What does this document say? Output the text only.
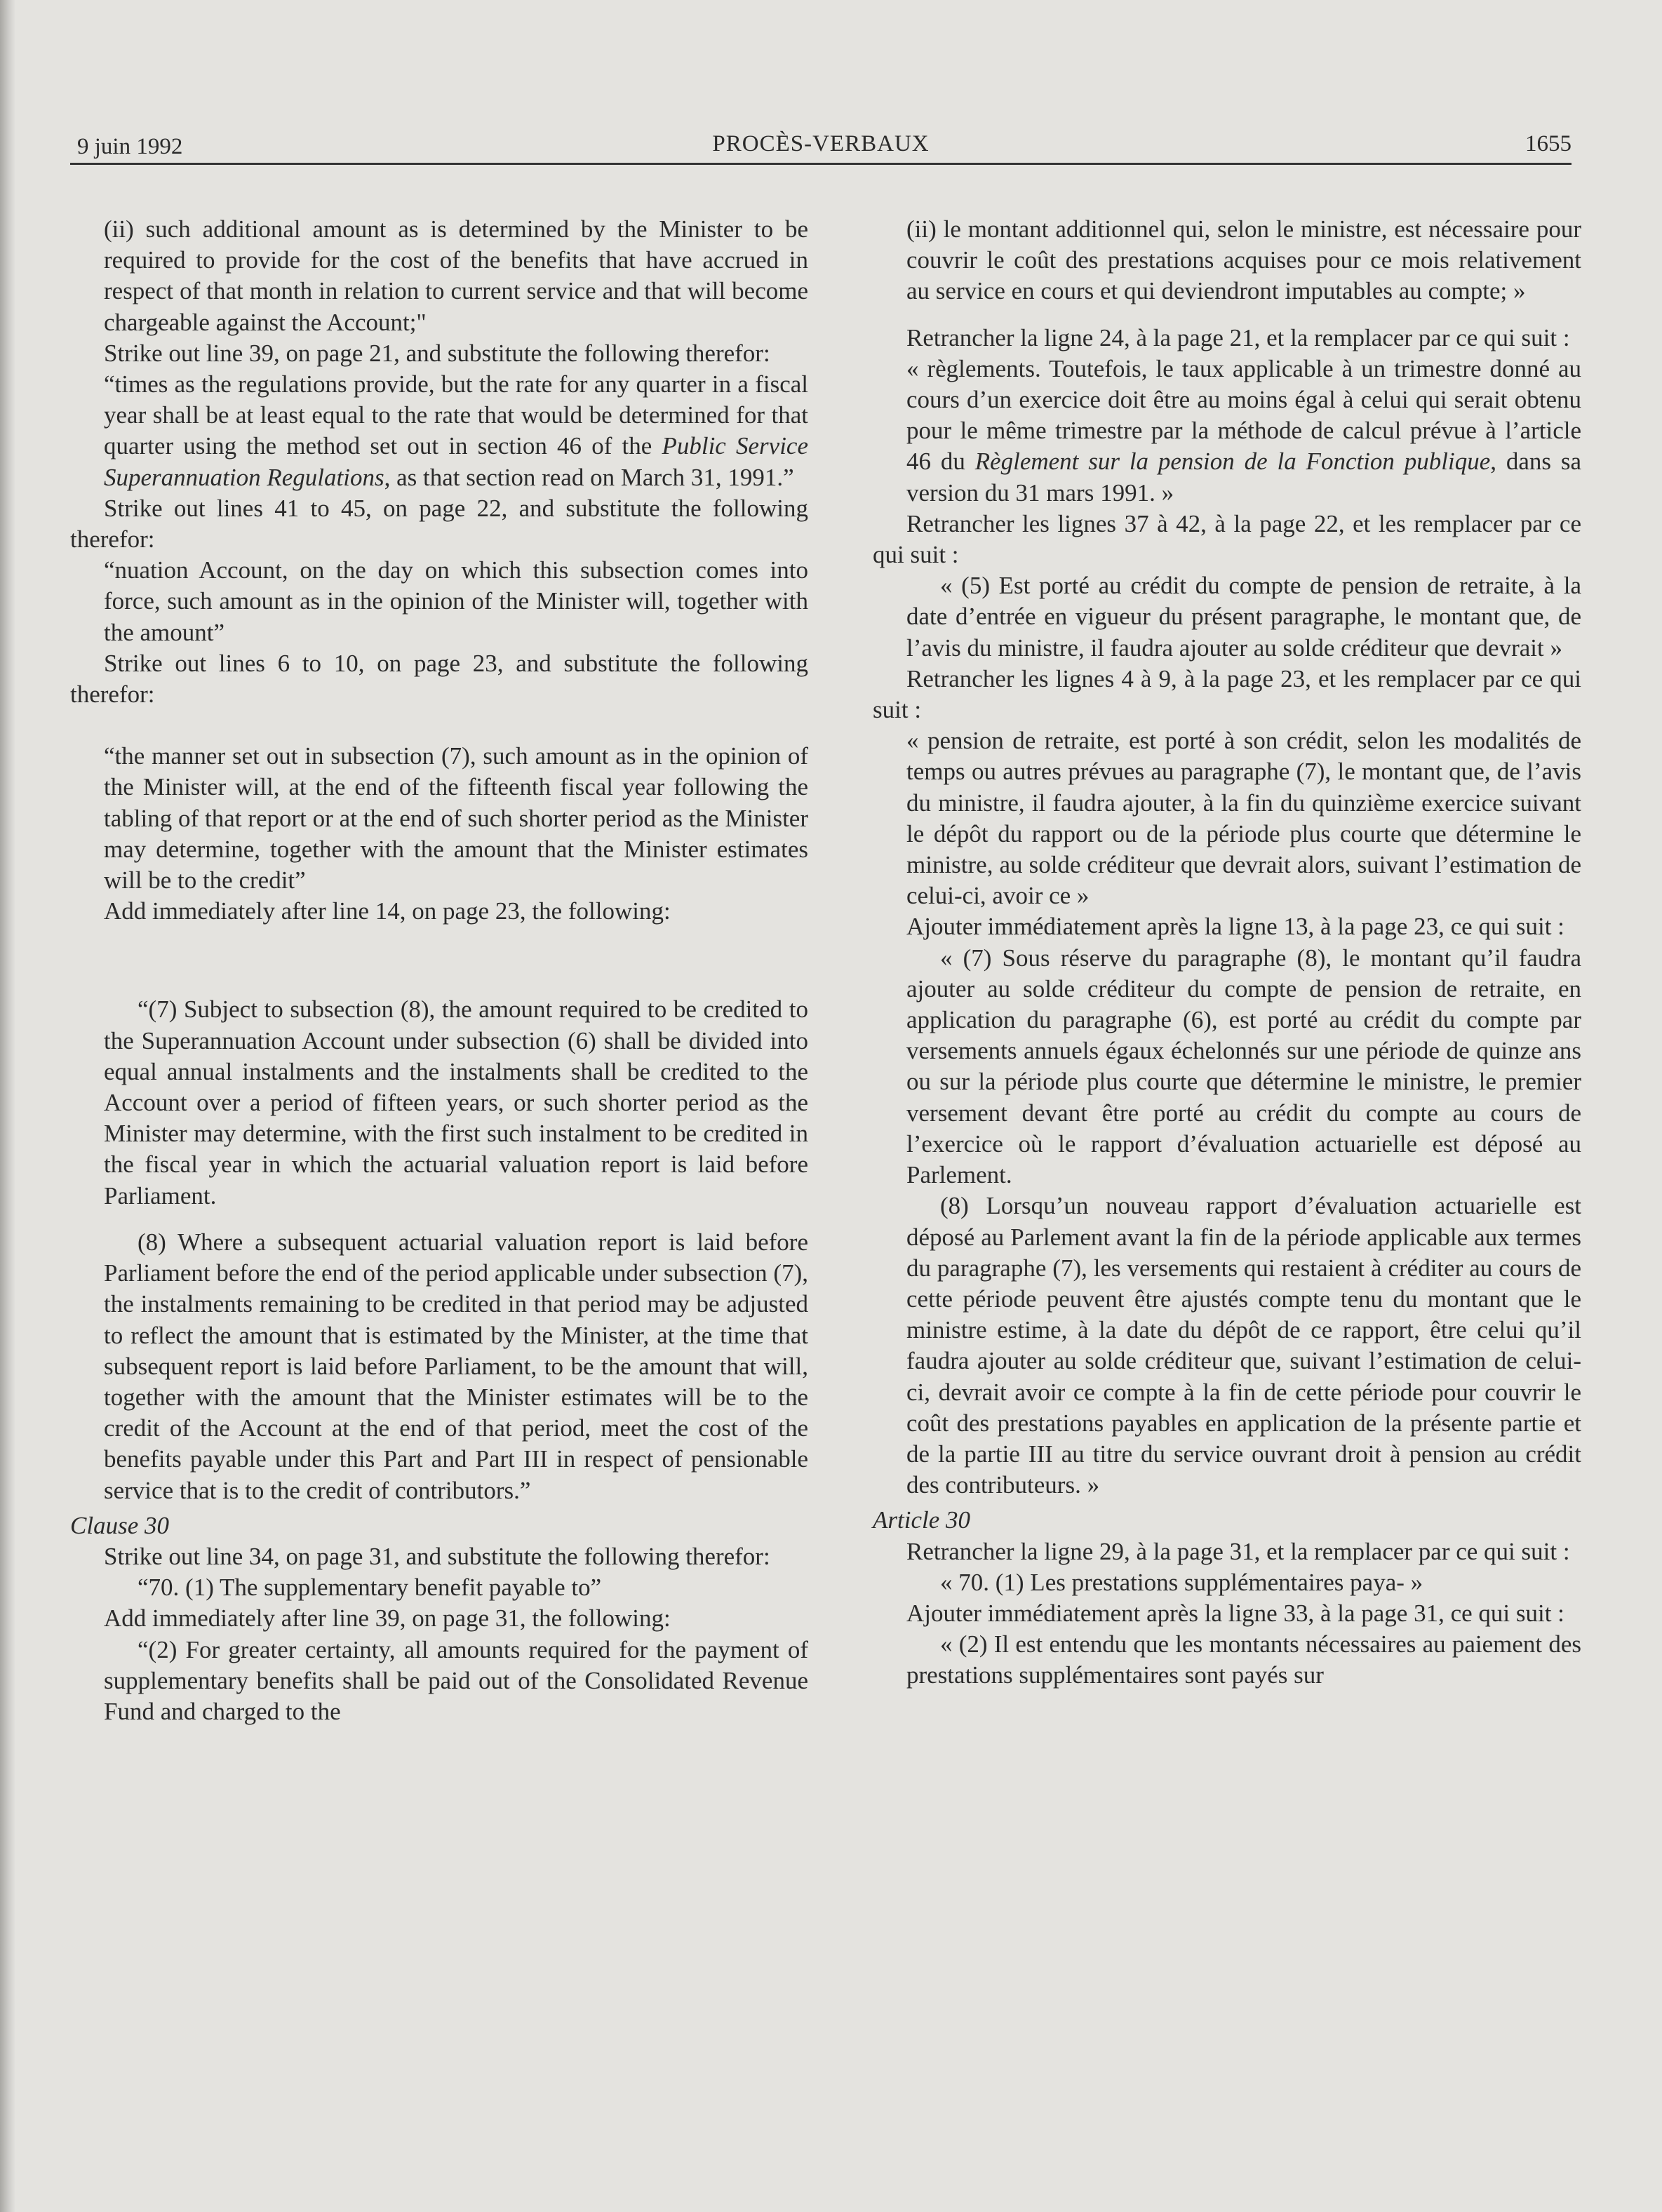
9 juin 1992	PROCÈS-VERBAUX	1655

(ii) such additional amount as is determined by the Minister to be required to provide for the cost of the benefits that have accrued in respect of that month in relation to current service and that will become chargeable against the Account;"

Strike out line 39, on page 21, and substitute the following therefor:

“times as the regulations provide, but the rate for any quarter in a fiscal year shall be at least equal to the rate that would be determined for that quarter using the method set out in section 46 of the Public Service Superannuation Regulations, as that section read on March 31, 1991.”

Strike out lines 41 to 45, on page 22, and substitute the following therefor:

“nuation Account, on the day on which this subsection comes into force, such amount as in the opinion of the Minister will, together with the amount”

Strike out lines 6 to 10, on page 23, and substitute the following therefor:

“the manner set out in subsection (7), such amount as in the opinion of the Minister will, at the end of the fifteenth fiscal year following the tabling of that report or at the end of such shorter period as the Minister may determine, together with the amount that the Minister estimates will be to the credit”

Add immediately after line 14, on page 23, the following:

“(7) Subject to subsection (8), the amount required to be credited to the Superannuation Account under subsection (6) shall be divided into equal annual instalments and the instalments shall be credited to the Account over a period of fifteen years, or such shorter period as the Minister may determine, with the first such instalment to be credited in the fiscal year in which the actuarial valuation report is laid before Parliament.

(8) Where a subsequent actuarial valuation report is laid before Parliament before the end of the period applicable under subsection (7), the instalments remaining to be credited in that period may be adjusted to reflect the amount that is estimated by the Minister, at the time that subsequent report is laid before Parliament, to be the amount that will, together with the amount that the Minister estimates will be to the credit of the Account at the end of that period, meet the cost of the benefits payable under this Part and Part III in respect of pensionable service that is to the credit of contributors.”

Clause 30

Strike out line 34, on page 31, and substitute the following therefor:

“70. (1) The supplementary benefit payable to”

Add immediately after line 39, on page 31, the following:

“(2) For greater certainty, all amounts required for the payment of supplementary benefits shall be paid out of the Consolidated Revenue Fund and charged to the

(ii) le montant additionnel qui, selon le ministre, est nécessaire pour couvrir le coût des prestations acquises pour ce mois relativement au service en cours et qui deviendront imputables au compte; »

Retrancher la ligne 24, à la page 21, et la remplacer par ce qui suit :

« règlements. Toutefois, le taux applicable à un trimestre donné au cours d’un exercice doit être au moins égal à celui qui serait obtenu pour le même trimestre par la méthode de calcul prévue à l’article 46 du Règlement sur la pension de la Fonction publique, dans sa version du 31 mars 1991. »

Retrancher les lignes 37 à 42, à la page 22, et les remplacer par ce qui suit :

« (5) Est porté au crédit du compte de pension de retraite, à la date d’entrée en vigueur du présent paragraphe, le montant que, de l’avis du ministre, il faudra ajouter au solde créditeur que devrait »

Retrancher les lignes 4 à 9, à la page 23, et les remplacer par ce qui suit :

« pension de retraite, est porté à son crédit, selon les modalités de temps ou autres prévues au paragraphe (7), le montant que, de l’avis du ministre, il faudra ajouter, à la fin du quinzième exercice suivant le dépôt du rapport ou de la période plus courte que détermine le ministre, au solde créditeur que devrait alors, suivant l’estimation de celui-ci, avoir ce »

Ajouter immédiatement après la ligne 13, à la page 23, ce qui suit :

« (7) Sous réserve du paragraphe (8), le montant qu’il faudra ajouter au solde créditeur du compte de pension de retraite, en application du paragraphe (6), est porté au crédit du compte par versements annuels égaux échelonnés sur une période de quinze ans ou sur la période plus courte que détermine le ministre, le premier versement devant être porté au crédit du compte au cours de l’exercice où le rapport d’évaluation actuarielle est déposé au Parlement.

(8) Lorsqu’un nouveau rapport d’évaluation actuarielle est déposé au Parlement avant la fin de la période applicable aux termes du paragraphe (7), les versements qui restaient à créditer au cours de cette période peuvent être ajustés compte tenu du montant que le ministre estime, à la date du dépôt de ce rapport, être celui qu’il faudra ajouter au solde créditeur que, suivant l’estimation de celui-ci, devrait avoir ce compte à la fin de cette période pour couvrir le coût des prestations payables en application de la présente partie et de la partie III au titre du service ouvrant droit à pension au crédit des contributeurs. »

Article 30

Retrancher la ligne 29, à la page 31, et la remplacer par ce qui suit :

« 70. (1) Les prestations supplémentaires paya- »

Ajouter immédiatement après la ligne 33, à la page 31, ce qui suit :

« (2) Il est entendu que les montants nécessaires au paiement des prestations supplémentaires sont payés sur
